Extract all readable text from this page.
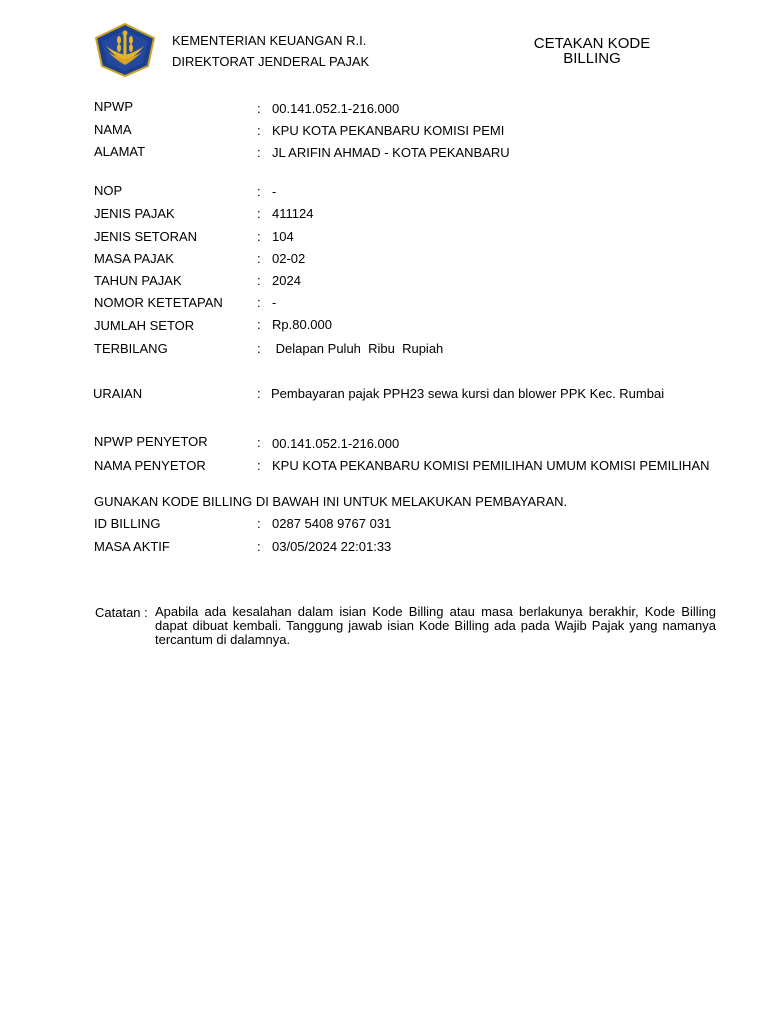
KEMENTERIAN KEUANGAN R.I.
DIREKTORAT JENDERAL PAJAK
CETAKAN KODE
BILLING
NPWP	: 00.141.052.1-216.000
NAMA	: KPU KOTA PEKANBARU KOMISI PEMI
ALAMAT	: JL ARIFIN AHMAD - KOTA PEKANBARU
NOP	: -
JENIS PAJAK	: 411124
JENIS SETORAN	: 104
MASA PAJAK	: 02-02
TAHUN PAJAK	: 2024
NOMOR KETETAPAN	: -
JUMLAH SETOR	: Rp.80.000
TERBILANG	: Delapan Puluh  Ribu  Rupiah
URAIAN	: Pembayaran pajak PPH23 sewa kursi dan blower PPK Kec. Rumbai
NPWP PENYETOR	: 00.141.052.1-216.000
NAMA PENYETOR	: KPU KOTA PEKANBARU KOMISI PEMILIHAN UMUM KOMISI PEMILIHAN
GUNAKAN KODE BILLING DI BAWAH INI UNTUK MELAKUKAN PEMBAYARAN.
ID BILLING	: 0287 5408 9767 031
MASA AKTIF	: 03/05/2024 22:01:33
Catatan : Apabila ada kesalahan dalam isian Kode Billing atau masa berlakunya berakhir, Kode Billing dapat dibuat kembali. Tanggung jawab isian Kode Billing ada pada Wajib Pajak yang namanya tercantum di dalamnya.
